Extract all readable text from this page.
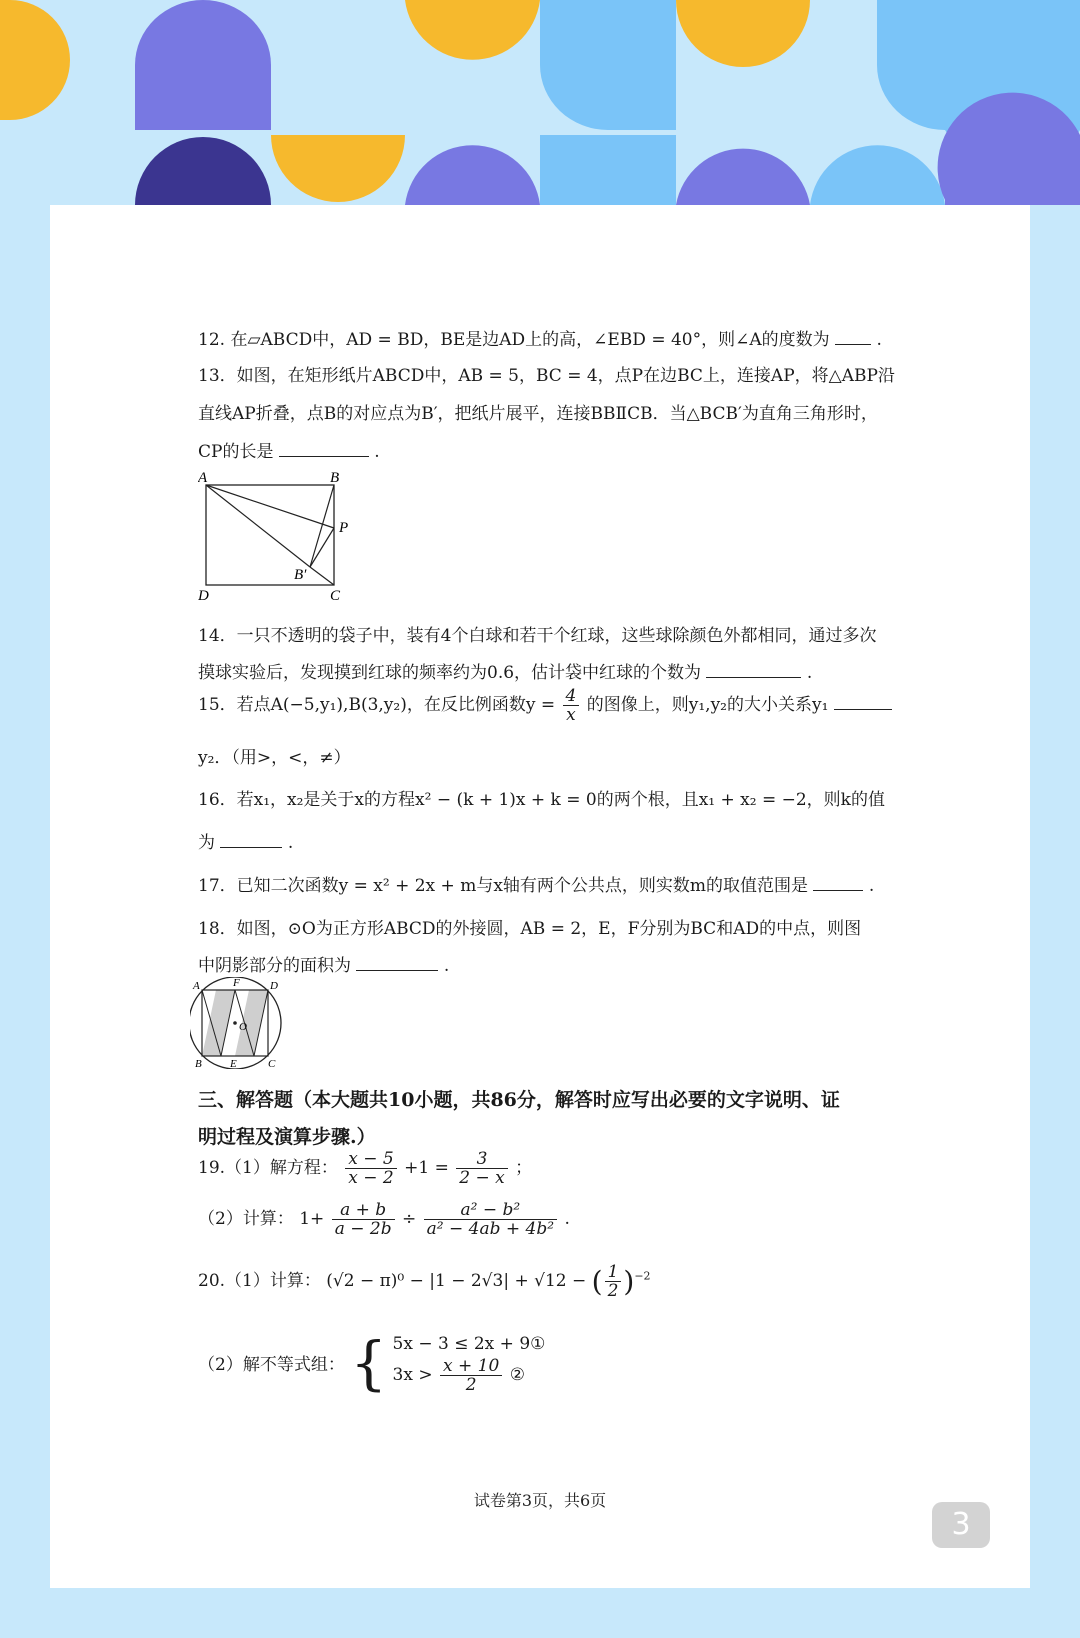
12. 在▱ABCD中，AD = BD，BE是边AD上的高，∠EBD = 40°，则∠A的度数为	.
13．如图，在矩形纸片ABCD中，AB = 5，BC = 4，点P在边BC上，连接AP，将△ABP沿
直线AP折叠，点B的对应点为B′，把纸片展平，连接BBⅡCB．当△BCB′为直角三角形时，
CP的长是	.
A	B
P
B′
D	C
14．一只不透明的袋子中，装有4个白球和若干个红球，这些球除颜色外都相同，通过多次
摸球实验后，发现摸到红球的频率约为0.6，估计袋中红球的个数为	.
15．若点A(−5,y₁),B(3,y₂)，在反比例函数$y = \frac{4}{x}$ 的图像上，则y₁,y₂的大小关系y₁
y₂．（用>，<，≠）
16．若x₁，x₂是关于x的方程x² − (k + 1)x + k = 0的两个根，且x₁ + x₂ = −2，则k的值
为	.
17．已知二次函数y = x² + 2x + m与x轴有两个公共点，则实数m的取值范围是	.
18．如图，⊙O为正方形ABCD的外接圆，AB = 2，E，F分别为BC和AD的中点，则图
中阴影部分的面积为	.
A	F	D
O
B	E	C
三、解答题（本大题共10小题，共86分，解答时应写出必要的文字说明、证
明过程及演算步骤.）
19.（1）解方程： $\frac{x - 5}{x - 2} +1 = \frac{3}{2 - x}$ ；
（2）计算： $1+ \frac{a + b}{a - 2b} \div \frac{\text{a² − b²}}{\text{a² − 4ab + 4b²}}$ .
20.（1）计算： (√2 − π)⁰ − |1 − 2√3| + √12 − ( $\frac{1}{2} )^{-2}$
（2）解不等式组： { 5x − 3 ≤ 2x + 9①
$3x > \frac{x + 10}{2}$ ②
试卷第3页，共6页
3
